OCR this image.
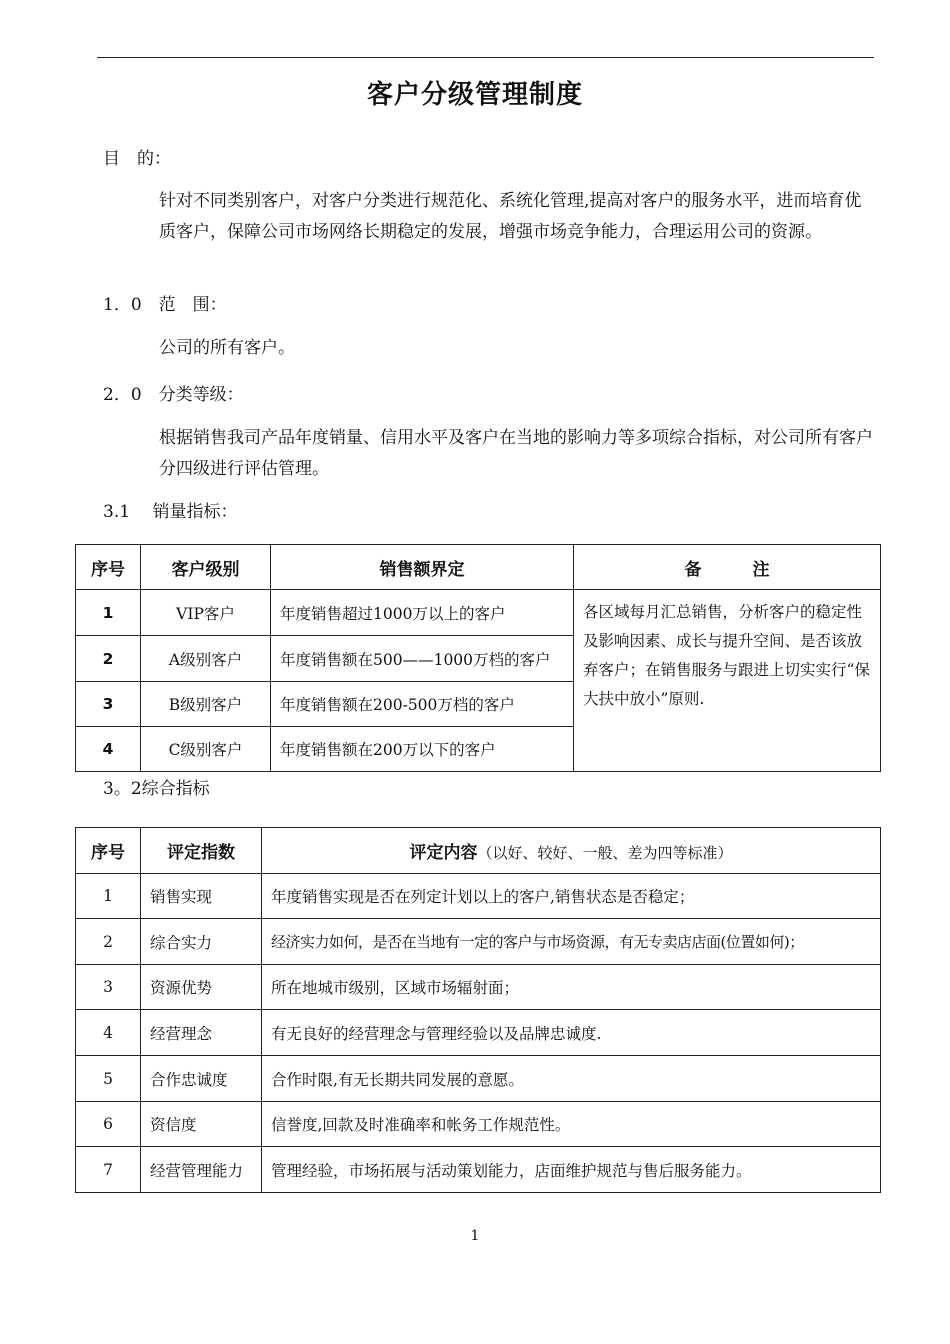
客户分级管理制度
目　的：
针对不同类别客户，对客户分类进行规范化、系统化管理,提高对客户的服务水平，进而培育优质客户，保障公司市场网络长期稳定的发展，增强市场竞争能力，合理运用公司的资源。
1．0　范　围：
公司的所有客户。
2．0　分类等级：
根据销售我司产品年度销量、信用水平及客户在当地的影响力等多项综合指标，对公司所有客户分四级进行评估管理。
3.1　 销量指标：
序号	客户级别	销售额界定	备　　　注
1	VIP客户	年度销售超过1000万以上的客户	各区域每月汇总销售，分析客户的稳定性及影响因素、成长与提升空间、是否该放弃客户；在销售服务与跟进上切实实行“保大扶中放小”原则.
2	A级别客户	年度销售额在500——1000万档的客户	
3	B级别客户	年度销售额在200-500万档的客户	
4	C级别客户	年度销售额在200万以下的客户	
3。2综合指标
序号	评定指数	评定内容（以好、较好、一般、差为四等标准）
1	销售实现	年度销售实现是否在列定计划以上的客户,销售状态是否稳定；
2	综合实力	经济实力如何，是否在当地有一定的客户与市场资源，有无专卖店店面(位置如何)；
3	资源优势	所在地城市级别，区域市场辐射面；
4	经营理念	有无良好的经营理念与管理经验以及品牌忠诚度.
5	合作忠诚度	合作时限,有无长期共同发展的意愿。
6	资信度	信誉度,回款及时准确率和帐务工作规范性。
7	经营管理能力	管理经验，市场拓展与活动策划能力，店面维护规范与售后服务能力。
1
